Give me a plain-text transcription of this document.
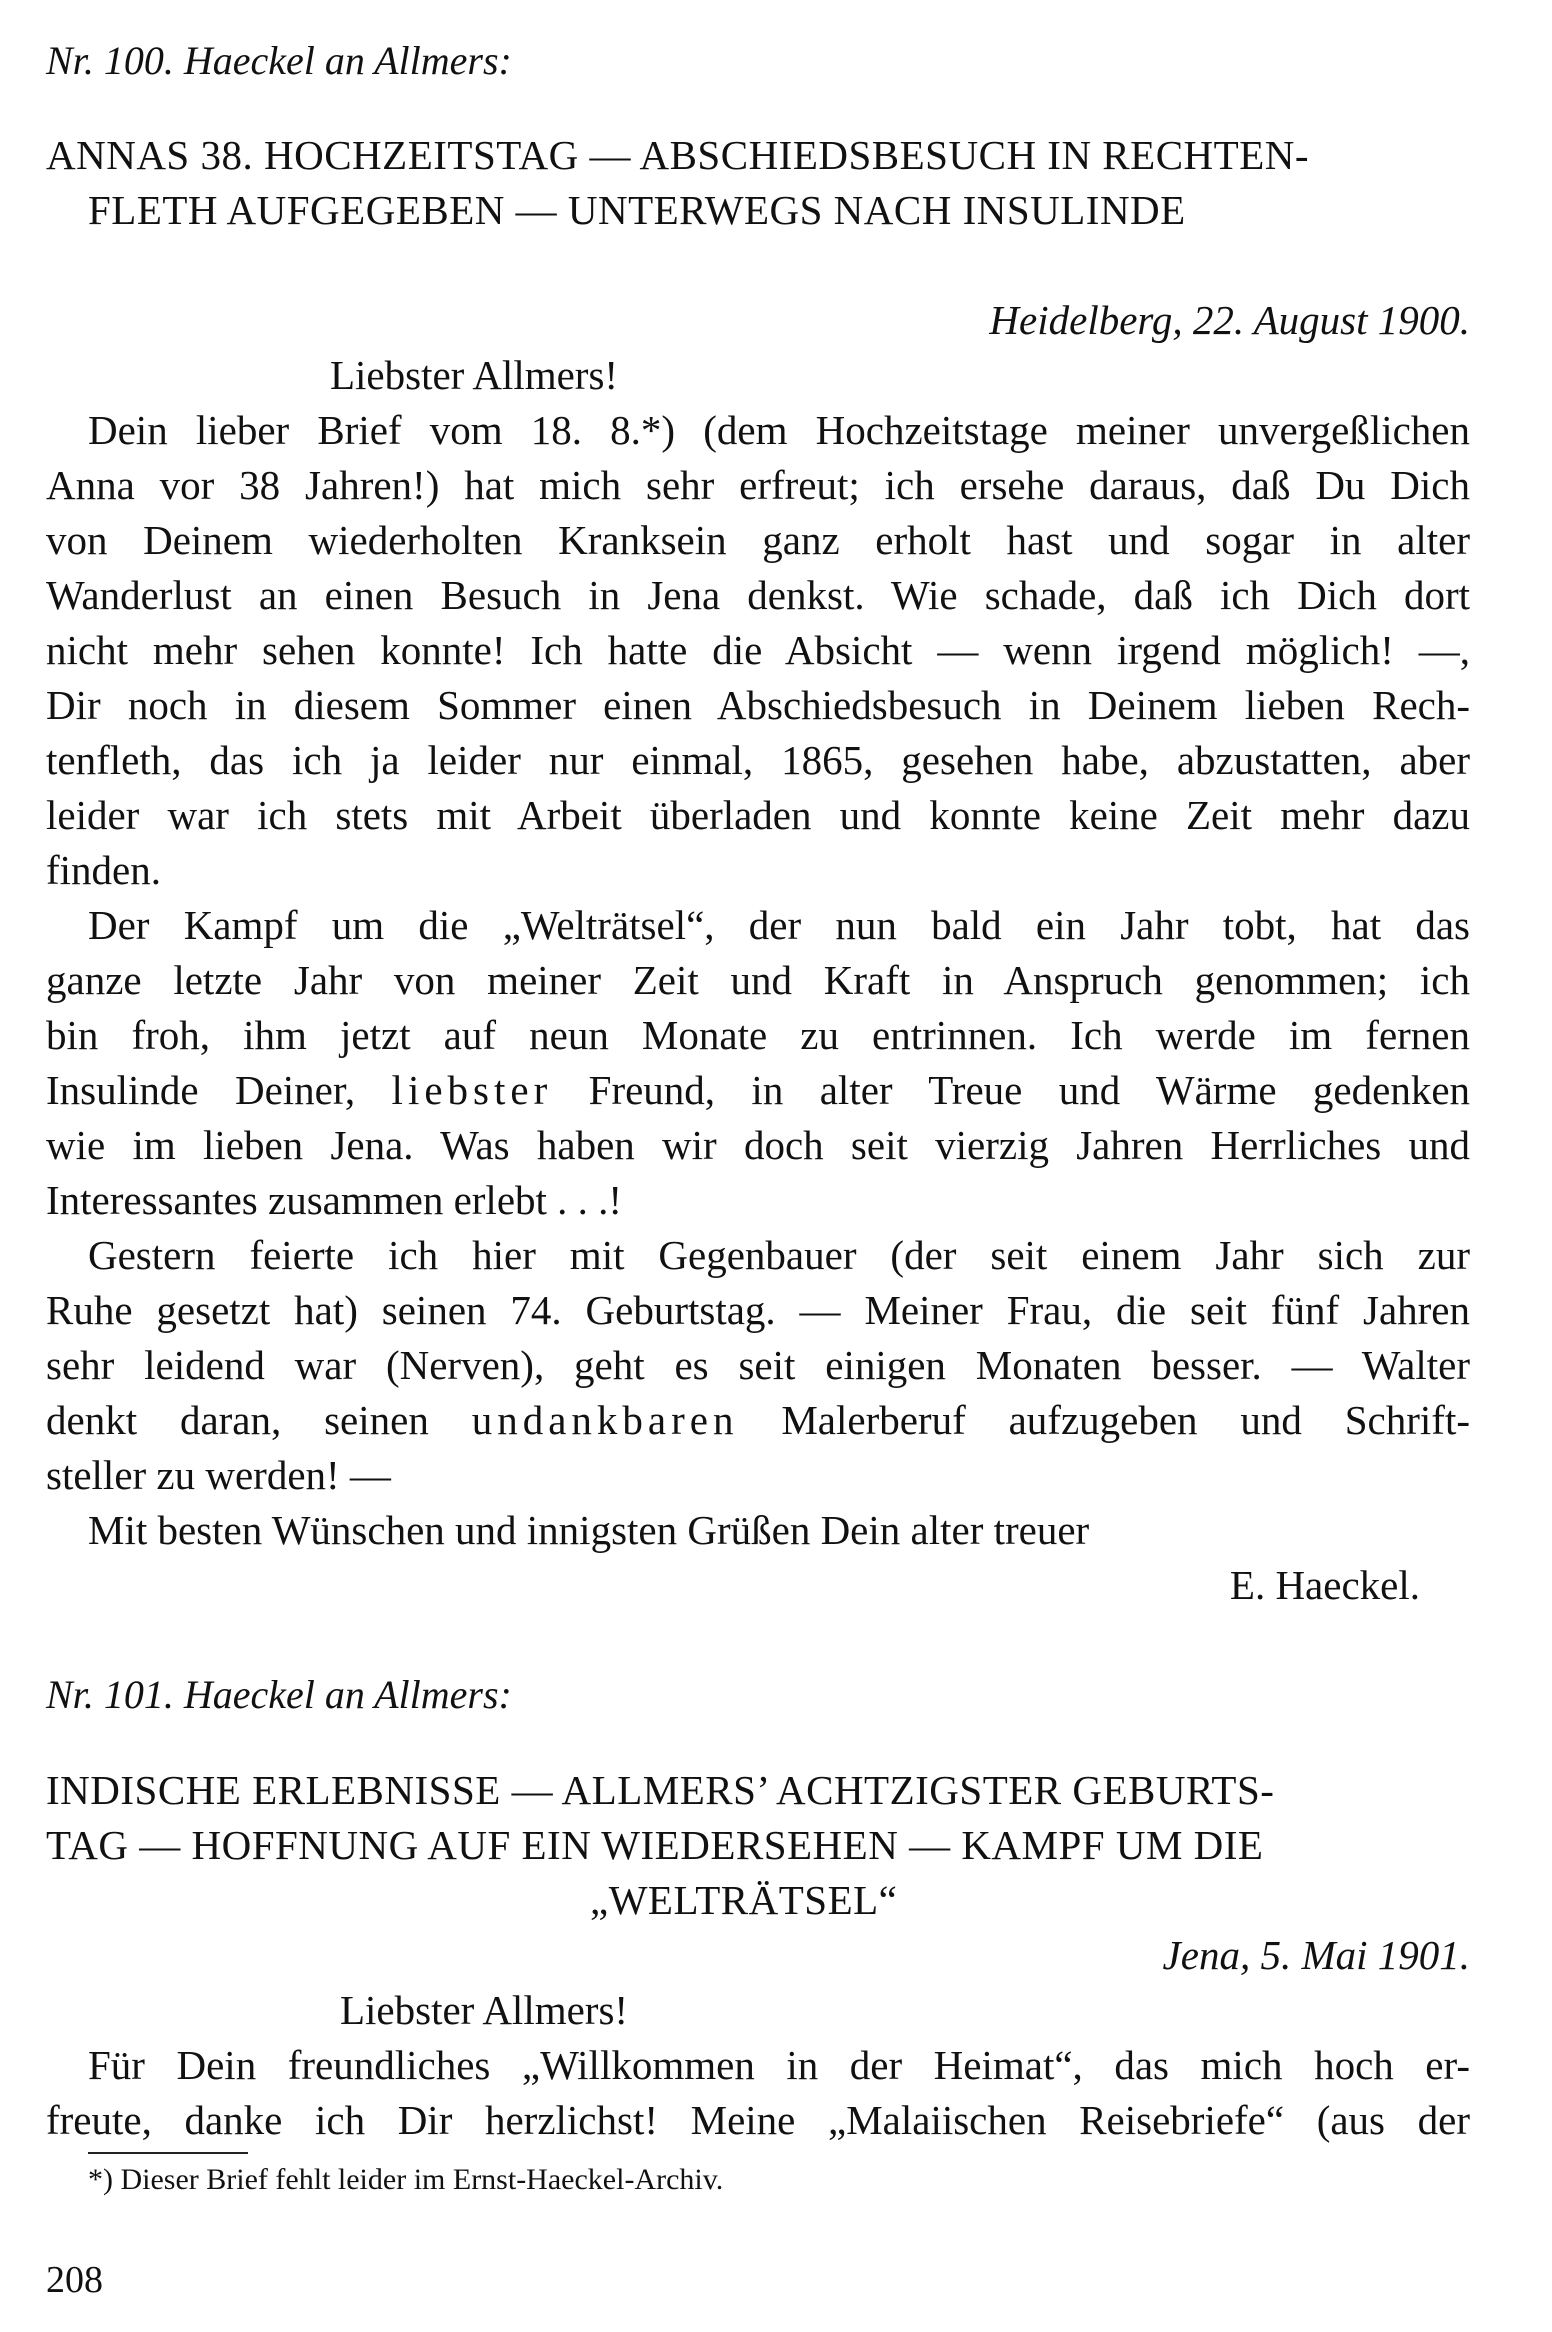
Nr. 100. Haeckel an Allmers:
ANNAS 38. HOCHZEITSTAG — ABSCHIEDSBESUCH IN RECHTEN-
FLETH AUFGEGEBEN — UNTERWEGS NACH INSULINDE
Heidelberg, 22. August 1900.
Liebster Allmers!
Dein lieber Brief vom 18. 8.*) (dem Hochzeitstage meiner unvergeßlichen
Anna vor 38 Jahren!) hat mich sehr erfreut; ich ersehe daraus, daß Du Dich
von Deinem wiederholten Kranksein ganz erholt hast und sogar in alter
Wanderlust an einen Besuch in Jena denkst. Wie schade, daß ich Dich dort
nicht mehr sehen konnte! Ich hatte die Absicht — wenn irgend möglich! —,
Dir noch in diesem Sommer einen Abschiedsbesuch in Deinem lieben Rech-
tenfleth, das ich ja leider nur einmal, 1865, gesehen habe, abzustatten, aber
leider war ich stets mit Arbeit überladen und konnte keine Zeit mehr dazu
finden.
Der Kampf um die „Welträtsel“, der nun bald ein Jahr tobt, hat das
ganze letzte Jahr von meiner Zeit und Kraft in Anspruch genommen; ich
bin froh, ihm jetzt auf neun Monate zu entrinnen. Ich werde im fernen
Insulinde Deiner, liebster Freund, in alter Treue und Wärme gedenken
wie im lieben Jena. Was haben wir doch seit vierzig Jahren Herrliches und
Interessantes zusammen erlebt . . .!
Gestern feierte ich hier mit Gegenbauer (der seit einem Jahr sich zur
Ruhe gesetzt hat) seinen 74. Geburtstag. — Meiner Frau, die seit fünf Jahren
sehr leidend war (Nerven), geht es seit einigen Monaten besser. — Walter
denkt daran, seinen undankbaren Malerberuf aufzugeben und Schrift-
steller zu werden! —
Mit besten Wünschen und innigsten Grüßen Dein alter treuer
E. Haeckel.
Nr. 101. Haeckel an Allmers:
INDISCHE ERLEBNISSE — ALLMERS’ ACHTZIGSTER GEBURTS-
TAG — HOFFNUNG AUF EIN WIEDERSEHEN — KAMPF UM DIE
„WELTRÄTSEL“
Jena, 5. Mai 1901.
Liebster Allmers!
Für Dein freundliches „Willkommen in der Heimat“, das mich hoch er-
freute, danke ich Dir herzlichst! Meine „Malaiischen Reisebriefe“ (aus der
*) Dieser Brief fehlt leider im Ernst-Haeckel-Archiv.
208
